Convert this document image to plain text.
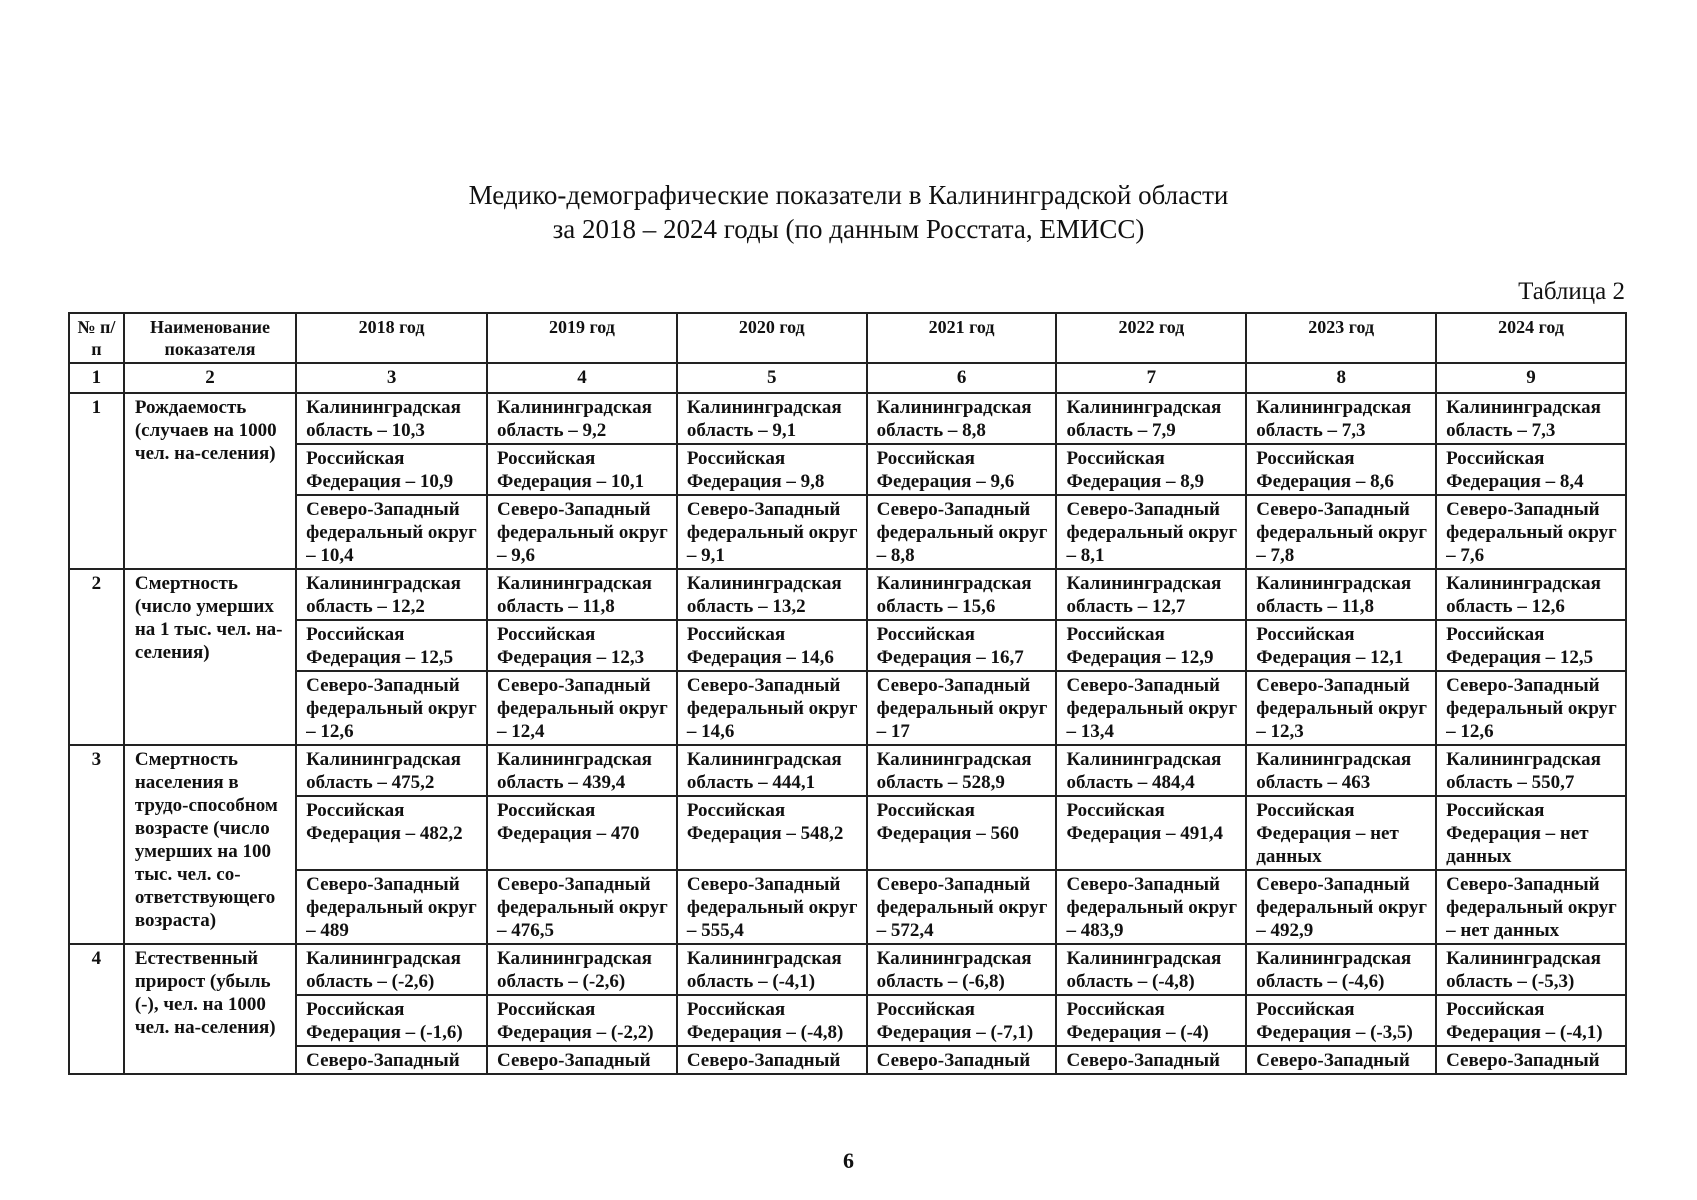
Медико-демографические показатели в Калининградской области
за 2018 – 2024 годы (по данным Росстата, ЕМИСС)
Таблица 2
№ п/п	Наименование показателя	2018 год	2019 год	2020 год	2021 год	2022 год	2023 год	2024 год
1	2	3	4	5	6	7	8	9
1	Рождаемость (случаев на 1000 чел. на-селения)	Калининградская область – 10,3	Калининградская область – 9,2	Калининградская область – 9,1	Калининградская область – 8,8	Калининградская область – 7,9	Калининградская область – 7,3	Калининградская область – 7,3
		Российская Федерация – 10,9	Российская Федерация – 10,1	Российская Федерация – 9,8	Российская Федерация – 9,6	Российская Федерация – 8,9	Российская Федерация – 8,6	Российская Федерация – 8,4
		Северо-Западный федеральный округ – 10,4	Северо-Западный федеральный округ – 9,6	Северо-Западный федеральный округ – 9,1	Северо-Западный федеральный округ – 8,8	Северо-Западный федеральный округ – 8,1	Северо-Западный федеральный округ – 7,8	Северо-Западный федеральный округ – 7,6
2	Смертность (число умерших на 1 тыс. чел. на-селения)	Калининградская область – 12,2	Калининградская область – 11,8	Калининградская область – 13,2	Калининградская область – 15,6	Калининградская область – 12,7	Калининградская область – 11,8	Калининградская область – 12,6
		Российская Федерация – 12,5	Российская Федерация – 12,3	Российская Федерация – 14,6	Российская Федерация – 16,7	Российская Федерация – 12,9	Российская Федерация – 12,1	Российская Федерация – 12,5
		Северо-Западный федеральный округ – 12,6	Северо-Западный федеральный округ – 12,4	Северо-Западный федеральный округ – 14,6	Северо-Западный федеральный округ – 17	Северо-Западный федеральный округ – 13,4	Северо-Западный федеральный округ – 12,3	Северо-Западный федеральный округ – 12,6
3	Смертность населения в трудо-способном возрасте (число умерших на 100 тыс. чел. со-ответствующего возраста)	Калининградская область – 475,2	Калининградская область – 439,4	Калининградская область – 444,1	Калининградская область – 528,9	Калининградская область – 484,4	Калининградская область – 463	Калининградская область – 550,7
		Российская Федерация – 482,2	Российская Федерация – 470	Российская Федерация – 548,2	Российская Федерация – 560	Российская Федерация – 491,4	Российская Федерация – нет данных	Российская Федерация – нет данных
		Северо-Западный федеральный округ – 489	Северо-Западный федеральный округ – 476,5	Северо-Западный федеральный округ – 555,4	Северо-Западный федеральный округ – 572,4	Северо-Западный федеральный округ – 483,9	Северо-Западный федеральный округ – 492,9	Северо-Западный федеральный округ – нет данных
4	Естественный прирост (убыль (-), чел. на 1000 чел. на-селения)	Калининградская область – (-2,6)	Калининградская область – (-2,6)	Калининградская область – (-4,1)	Калининградская область – (-6,8)	Калининградская область – (-4,8)	Калининградская область – (-4,6)	Калининградская область – (-5,3)
		Российская Федерация – (-1,6)	Российская Федерация – (-2,2)	Российская Федерация – (-4,8)	Российская Федерация – (-7,1)	Российская Федерация – (-4)	Российская Федерация – (-3,5)	Российская Федерация – (-4,1)
		Северо-Западный	Северо-Западный	Северо-Западный	Северо-Западный	Северо-Западный	Северо-Западный	Северо-Западный
6
